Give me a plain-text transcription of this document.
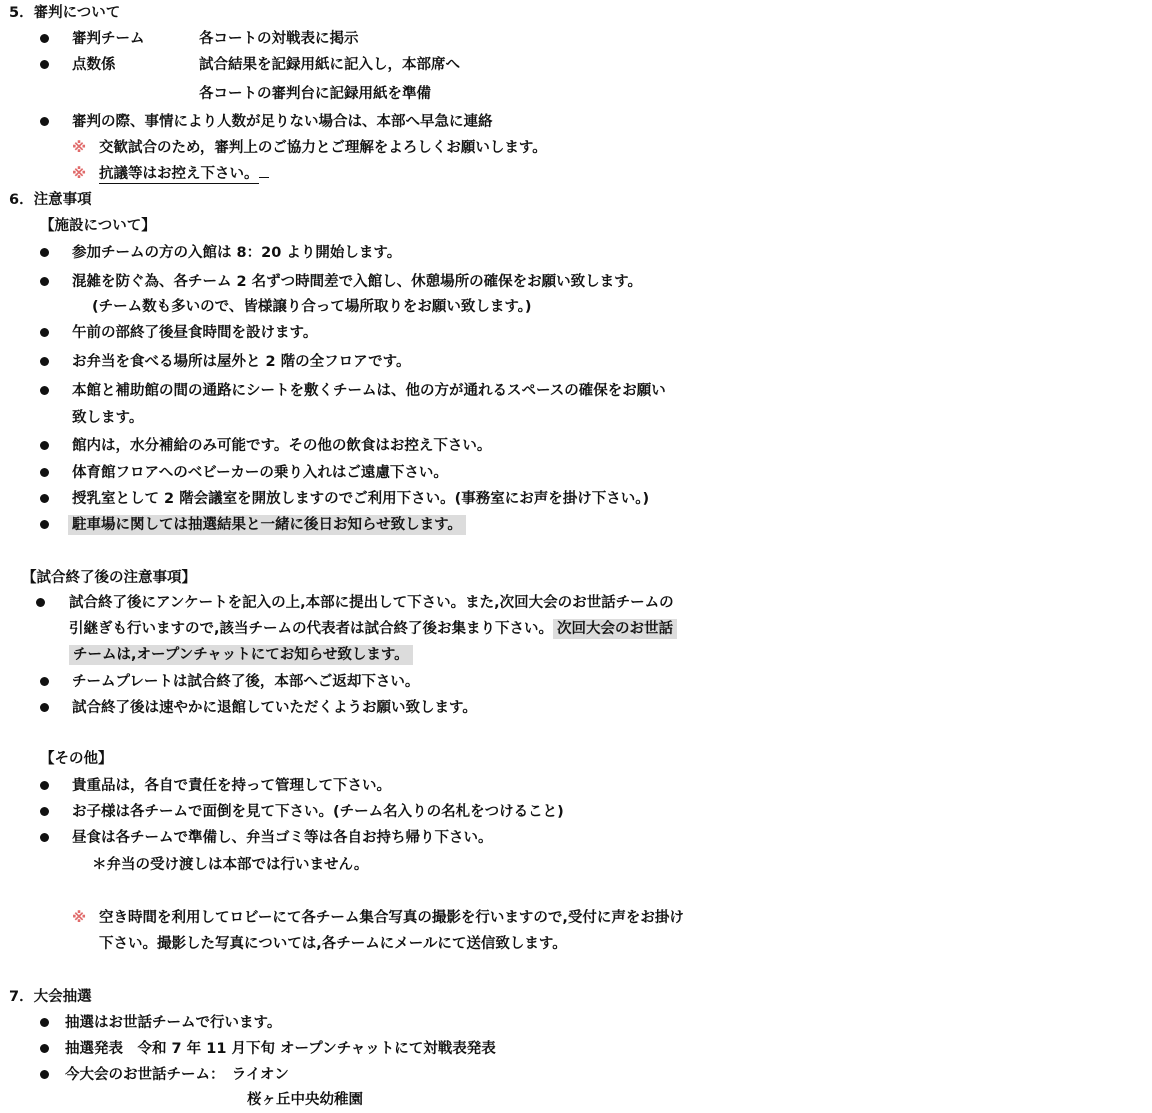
5．審判について
審判チーム	各コートの対戦表に掲示
点数係	試合結果を記録用紙に記入し，本部席へ
各コートの審判台に記録用紙を準備
審判の際、事情により人数が足りない場合は、本部へ早急に連絡
※ 交歓試合のため，審判上のご協力とご理解をよろしくお願いします。
※ 抗議等はお控え下さい。
6．注意事項
【施設について】
参加チームの方の入館は 8：20 より開始します。
混雑を防ぐ為、各チーム 2 名ずつ時間差で入館し、休憩場所の確保をお願い致します。
(チーム数も多いので、皆様譲り合って場所取りをお願い致します。)
午前の部終了後昼食時間を設けます。
お弁当を食べる場所は屋外と 2 階の全フロアです。
本館と補助館の間の通路にシートを敷くチームは、他の方が通れるスペースの確保をお願い
致します。
館内は，水分補給のみ可能です。その他の飲食はお控え下さい。
体育館フロアへのベビーカーの乗り入れはご遠慮下さい。
授乳室として 2 階会議室を開放しますのでご利用下さい。(事務室にお声を掛け下さい。)
駐車場に関しては抽選結果と一緒に後日お知らせ致します。
【試合終了後の注意事項】
試合終了後にアンケートを記入の上,本部に提出して下さい。また,次回大会のお世話チームの
引継ぎも行いますので,該当チームの代表者は試合終了後お集まり下さい。 次回大会のお世話
チームは,オープンチャットにてお知らせ致します。
チームプレートは試合終了後，本部へご返却下さい。
試合終了後は速やかに退館していただくようお願い致します。
【その他】
貴重品は，各自で責任を持って管理して下さい。
お子様は各チームで面倒を見て下さい。(チーム名入りの名札をつけること)
昼食は各チームで準備し、弁当ゴミ等は各自お持ち帰り下さい。
＊弁当の受け渡しは本部では行いません。
※ 空き時間を利用してロビーにて各チーム集合写真の撮影を行いますので,受付に声をお掛け
下さい。撮影した写真については,各チームにメールにて送信致します。
7．大会抽選
抽選はお世話チームで行います。
抽選発表　令和 7 年 11 月下旬 オープンチャットにて対戦表発表
今大会のお世話チーム：　ライオン
桜ヶ丘中央幼稚園
